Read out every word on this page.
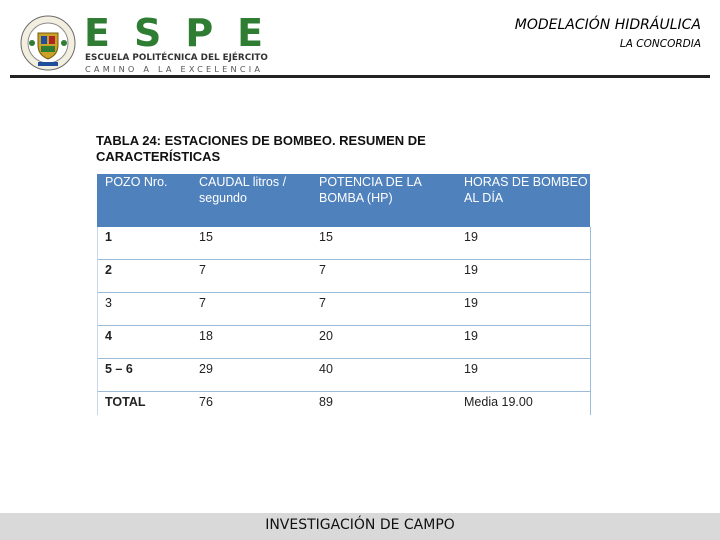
ESPE
ESCUELA POLITÉCNICA DEL EJÉRCITO
CAMINO A LA EXCELENCIA
MODELACIÓN HIDRÁULICA
LA CONCORDIA
TABLA 24: ESTACIONES DE BOMBEO. RESUMEN DE CARACTERÍSTICAS
POZO Nro.	CAUDAL litros / segundo	POTENCIA DE LA BOMBA (HP)	HORAS DE BOMBEO AL DÍA
1	15	15	19
2	7	7	19
3	7	7	19
4	18	20	19
5 – 6	29	40	19
TOTAL	76	89	Media 19.00
INVESTIGACIÓN DE CAMPO
